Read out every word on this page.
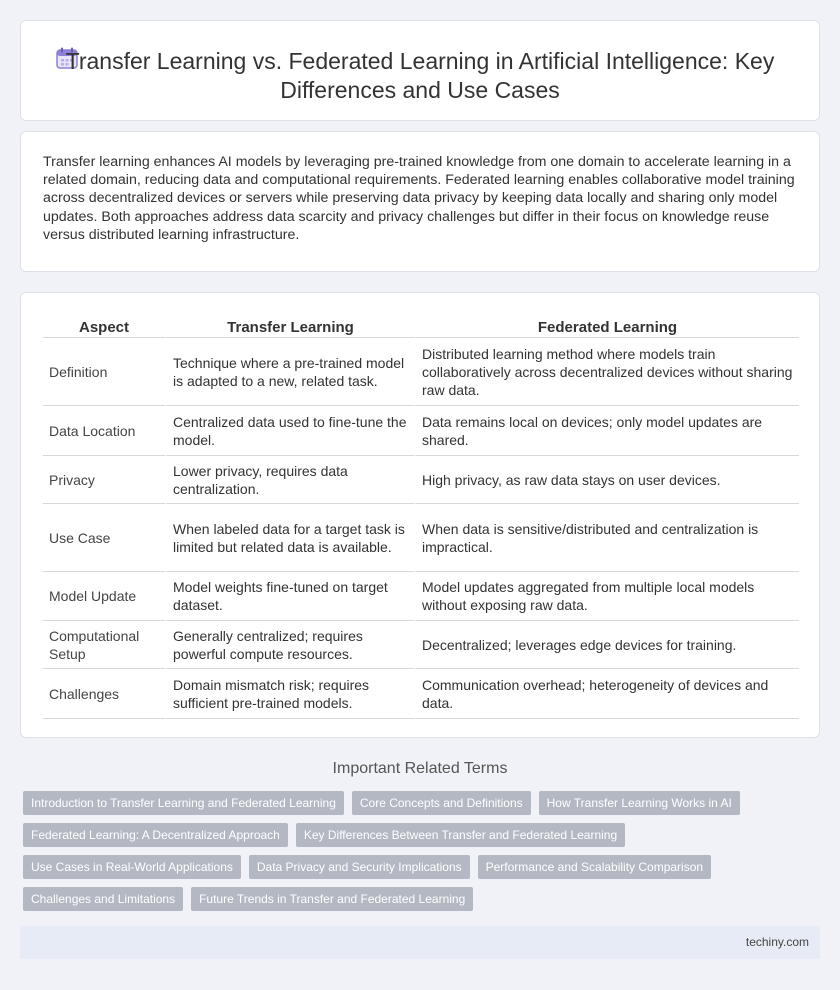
Transfer Learning vs. Federated Learning in Artificial Intelligence: Key Differences and Use Cases

Transfer learning enhances AI models by leveraging pre-trained knowledge from one domain to accelerate learning in a related domain, reducing data and computational requirements. Federated learning enables collaborative model training across decentralized devices or servers while preserving data privacy by keeping data locally and sharing only model updates. Both approaches address data scarcity and privacy challenges but differ in their focus on knowledge reuse versus distributed learning infrastructure.

Aspect	Transfer Learning	Federated Learning
Definition	Technique where a pre-trained model is adapted to a new, related task.	Distributed learning method where models train collaboratively across decentralized devices without sharing raw data.
Data Location	Centralized data used to fine-tune the model.	Data remains local on devices; only model updates are shared.
Privacy	Lower privacy, requires data centralization.	High privacy, as raw data stays on user devices.
Use Case	When labeled data for a target task is limited but related data is available.	When data is sensitive/distributed and centralization is impractical.
Model Update	Model weights fine-tuned on target dataset.	Model updates aggregated from multiple local models without exposing raw data.
Computational Setup	Generally centralized; requires powerful compute resources.	Decentralized; leverages edge devices for training.
Challenges	Domain mismatch risk; requires sufficient pre-trained models.	Communication overhead; heterogeneity of devices and data.
Important Related Terms
Introduction to Transfer Learning and Federated Learning	Core Concepts and Definitions	How Transfer Learning Works in AI
Federated Learning: A Decentralized Approach	Key Differences Between Transfer and Federated Learning
Use Cases in Real-World Applications	Data Privacy and Security Implications	Performance and Scalability Comparison
Challenges and Limitations	Future Trends in Transfer and Federated Learning
techiny.com
